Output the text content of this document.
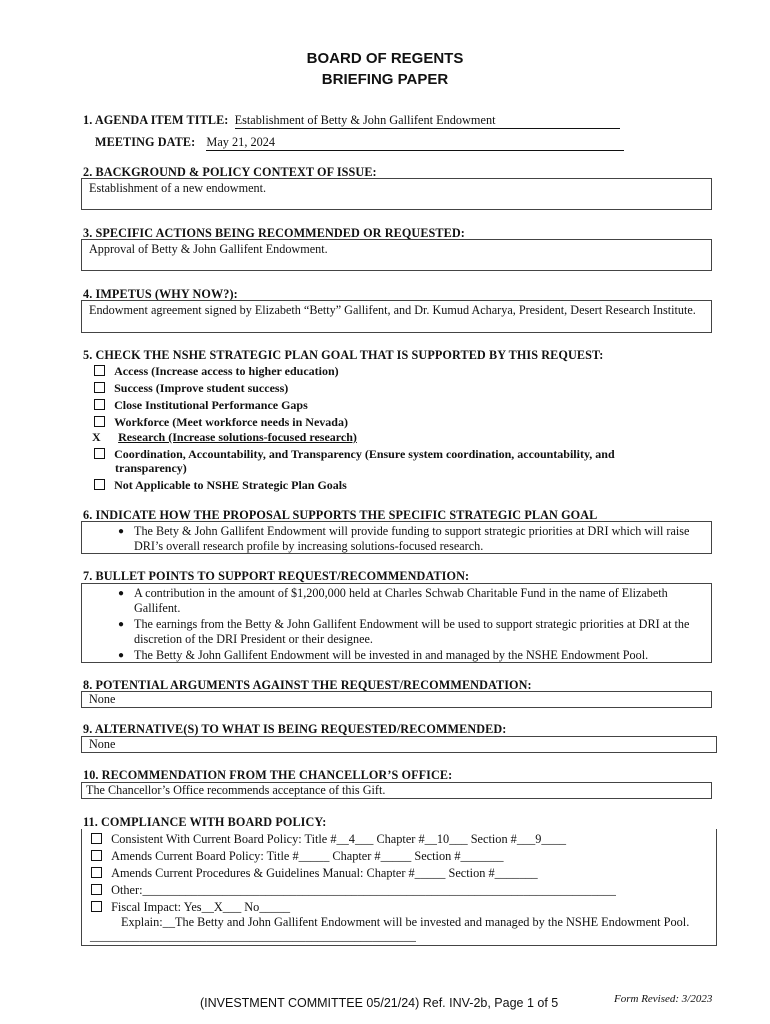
BOARD OF REGENTS
BRIEFING PAPER
1. AGENDA ITEM TITLE: Establishment of Betty & John Gallifent Endowment
MEETING DATE: May 21, 2024
2. BACKGROUND & POLICY CONTEXT OF ISSUE:
Establishment of a new endowment.
3. SPECIFIC ACTIONS BEING RECOMMENDED OR REQUESTED:
Approval of Betty & John Gallifent Endowment.
4. IMPETUS (WHY NOW?):
Endowment agreement signed by Elizabeth “Betty” Gallifent, and Dr. Kumud Acharya, President, Desert Research Institute.
5. CHECK THE NSHE STRATEGIC PLAN GOAL THAT IS SUPPORTED BY THIS REQUEST:
Access (Increase access to higher education)
Success (Improve student success)
Close Institutional Performance Gaps
Workforce (Meet workforce needs in Nevada)
X Research (Increase solutions-focused research)
Coordination, Accountability, and Transparency (Ensure system coordination, accountability, and
transparency)
Not Applicable to NSHE Strategic Plan Goals
6. INDICATE HOW THE PROPOSAL SUPPORTS THE SPECIFIC STRATEGIC PLAN GOAL
● The Bety & John Gallifent Endowment will provide funding to support strategic priorities at DRI which will raise DRI’s overall research profile by increasing solutions-focused research.
7. BULLET POINTS TO SUPPORT REQUEST/RECOMMENDATION:
● A contribution in the amount of $1,200,000 held at Charles Schwab Charitable Fund in the name of Elizabeth Gallifent.
● The earnings from the Betty & John Gallifent Endowment will be used to support strategic priorities at DRI at the discretion of the DRI President or their designee.
● The Betty & John Gallifent Endowment will be invested in and managed by the NSHE Endowment Pool.
8. POTENTIAL ARGUMENTS AGAINST THE REQUEST/RECOMMENDATION:
None
9. ALTERNATIVE(S) TO WHAT IS BEING REQUESTED/RECOMMENDED:
None
10. RECOMMENDATION FROM THE CHANCELLOR’S OFFICE:
The Chancellor’s Office recommends acceptance of this Gift.
11. COMPLIANCE WITH BOARD POLICY:
Consistent With Current Board Policy: Title #__4___ Chapter #__10___ Section #___9____
Amends Current Board Policy: Title #_____ Chapter #_____ Section #_______
Amends Current Procedures & Guidelines Manual: Chapter #_____ Section #_______
Other:_____________________________________________________________________________
Fiscal Impact: Yes__X___ No_____
Explain:__The Betty and John Gallifent Endowment will be invested and managed by the NSHE Endowment Pool.
_____________________________________________________
(INVESTMENT COMMITTEE 05/21/24) Ref. INV-2b, Page 1 of 5	Form Revised: 3/2023
